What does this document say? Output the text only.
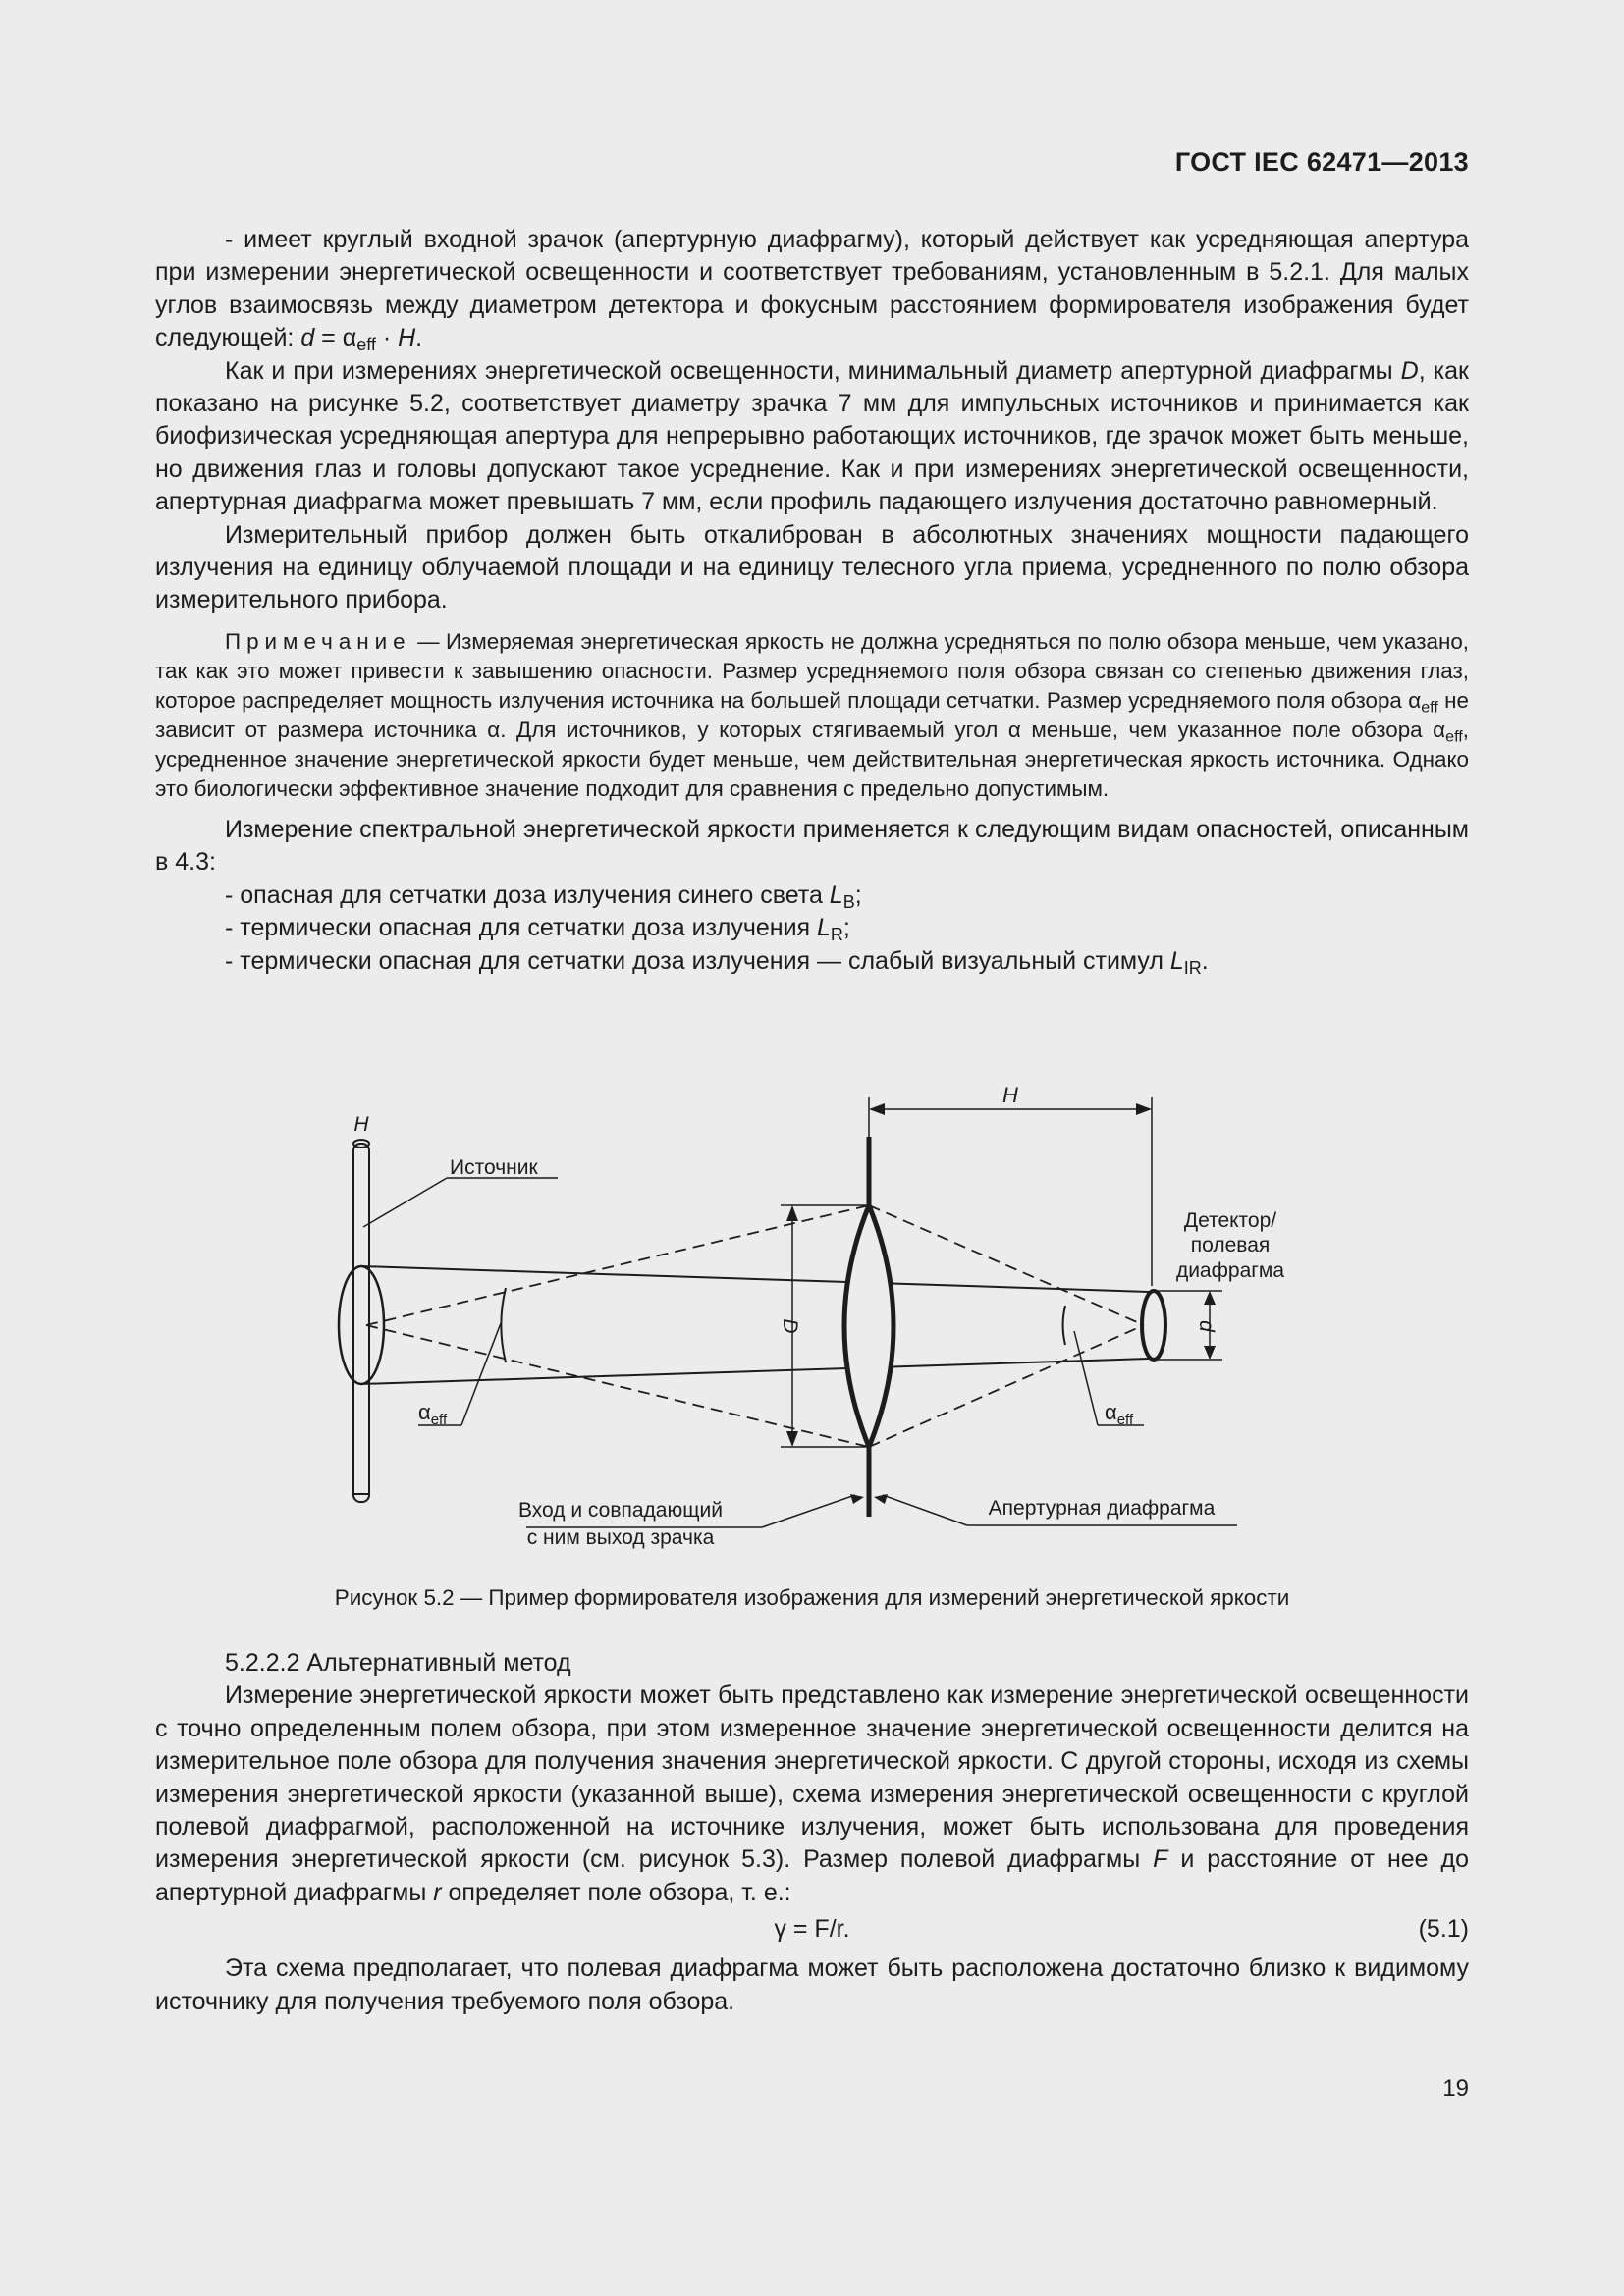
ГОСТ IEC 62471—2013

- имеет круглый входной зрачок (апертурную диафрагму), который действует как усредняющая апертура при измерении энергетической освещенности и соответствует требованиям, установленным в 5.2.1. Для малых углов взаимосвязь между диаметром детектора и фокусным расстоянием формирователя изображения будет следующей: $d = \alpha_{eff} \cdot H$.

Как и при измерениях энергетической освещенности, минимальный диаметр апертурной диафрагмы D, как показано на рисунке 5.2, соответствует диаметру зрачка 7 мм для импульсных источников и принимается как биофизическая усредняющая апертура для непрерывно работающих источников, где зрачок может быть меньше, но движения глаз и головы допускают такое усреднение. Как и при измерениях энергетической освещенности, апертурная диафрагма может превышать 7 мм, если профиль падающего излучения достаточно равномерный.

Измерительный прибор должен быть откалиброван в абсолютных значениях мощности падающего излучения на единицу облучаемой площади и на единицу телесного угла приема, усредненного по полю обзора измерительного прибора.

Примечание — Измеряемая энергетическая яркость не должна усредняться по полю обзора меньше, чем указано, так как это может привести к завышению опасности. Размер усредняемого поля обзора связан со степенью движения глаз, которое распределяет мощность излучения источника на большей площади сетчатки. Размер усредняемого поля обзора $\alpha_{eff}$ не зависит от размера источника α. Для источников, у которых стягиваемый угол α меньше, чем указанное поле обзора $\alpha_{eff}$, усредненное значение энергетической яркости будет меньше, чем действительная энергетическая яркость источника. Однако это биологически эффективное значение подходит для сравнения с предельно допустимым.

Измерение спектральной энергетической яркости применяется к следующим видам опасностей, описанным в 4.3:

- опасная для сетчатки доза излучения синего света $L_B$;

- термически опасная для сетчатки доза излучения $L_R$;

- термически опасная для сетчатки доза излучения — слабый визуальный стимул $L_{IR}$.

H
Источник
H
Детектор/
полевая
диафрагма
D	d
$\alpha_{eff}$	$\alpha_{eff}$
Вход и совпадающий
с ним выход зрачка
Апертурная диафрагма
Рисунок 5.2 — Пример формирователя изображения для измерений энергетической яркости

5.2.2.2 Альтернативный метод

Измерение энергетической яркости может быть представлено как измерение энергетической освещенности с точно определенным полем обзора, при этом измеренное значение энергетической освещенности делится на измерительное поле обзора для получения значения энергетической яркости. С другой стороны, исходя из схемы измерения энергетической яркости (указанной выше), схема измерения энергетической освещенности с круглой полевой диафрагмой, расположенной на источнике излучения, может быть использована для проведения измерения энергетической яркости (см. рисунок 5.3). Размер полевой диафрагмы F и расстояние от нее до апертурной диафрагмы r определяет поле обзора, т. е.:

γ = F/r.	(5.1)

Эта схема предполагает, что полевая диафрагма может быть расположена достаточно близко к видимому источнику для получения требуемого поля обзора.

19
